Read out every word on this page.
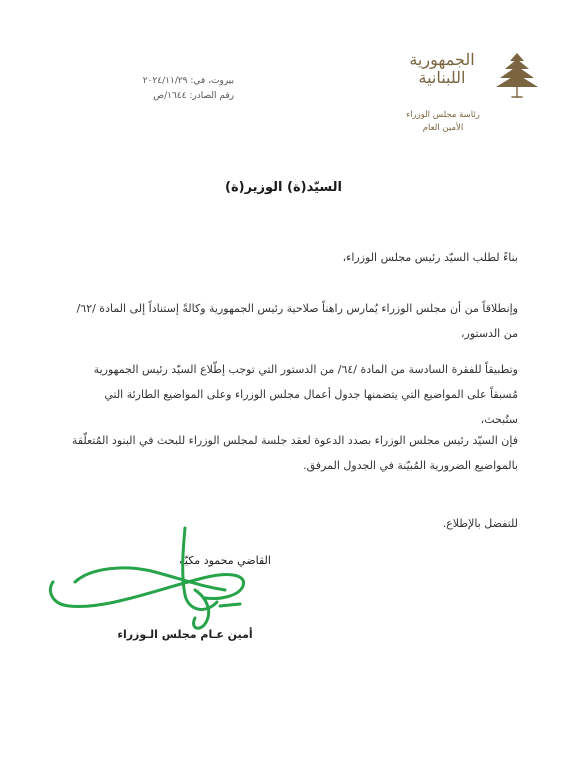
بيروت، في: ٢٠٢٤/١١/٢٩
رقم الصادر: ١٦٤٤/ص
الجمهورية اللبنانية
رئاسة مجلس الوزراء
الأمين العام
السيّد(ة) الوزير(ة)
بناءً لطلب السيّد رئيس مجلس الوزراء،
وإنطلاقاً من أن مجلس الوزراء يُمارس راهناً صلاحية رئيس الجمهورية وكالةً إستناداً إلى المادة /٦٢/ من الدستور،
وتطبيقاً للفقرة السادسة من المادة /٦٤/ من الدستور التي توجب إطّلاع السيّد رئيس الجمهورية مُسبقاً على المواضيع التي يتضمنها جدول أعمال مجلس الوزراء وعلى المواضيع الطارئة التي ستُبحث،
فإن السيّد رئيس مجلس الوزراء بصدد الدعوة لعقد جلسة لمجلس الوزراء للبحث في البنود المُتعلّقة بالمواضيع الضرورية المُبيّنة في الجدول المرفق.
للتفضل بالإطلاع.
القاضي محمود مكيّه
أمين عـام مجلس الـوزراء
